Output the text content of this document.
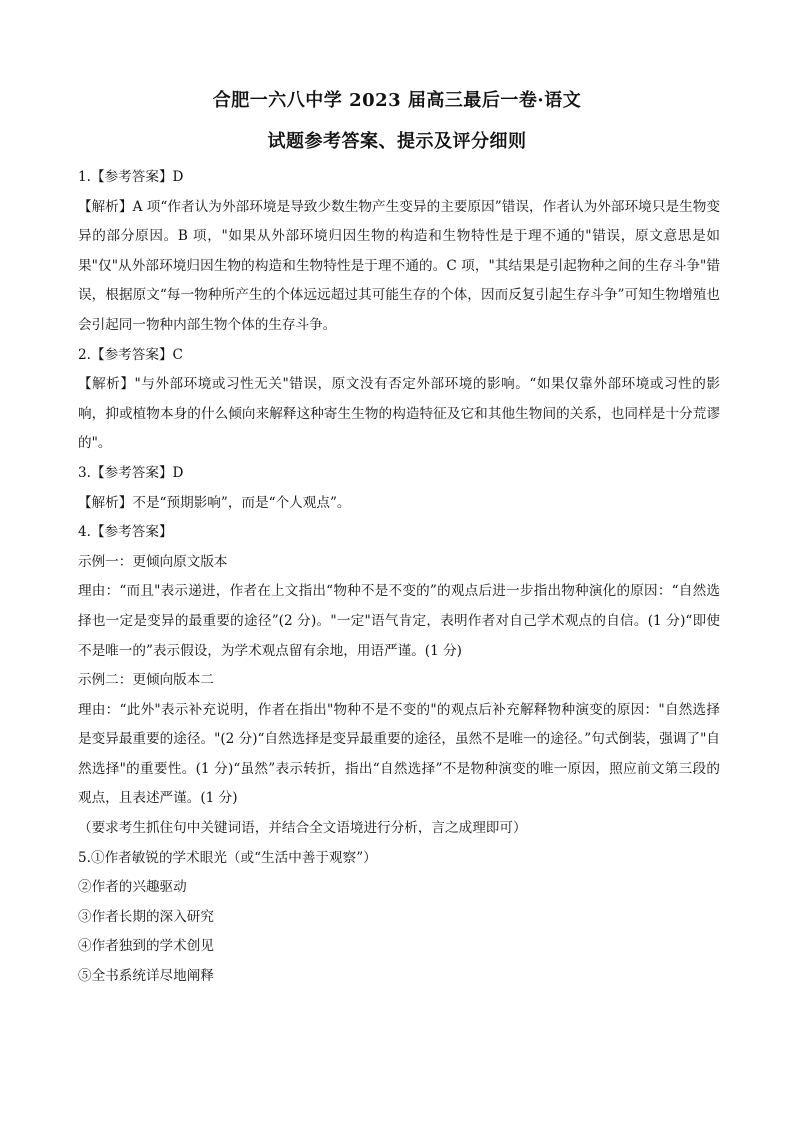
合肥一六八中学 2023 届高三最后一卷·语文
试题参考答案、提示及评分细则

1.【参考答案】D

【解析】A 项“作者认为外部环境是导致少数生物产生变异的主要原因”错误，作者认为外部环境只是生物变异的部分原因。B 项，"如果从外部环境归因生物的构造和生物特性是于理不通的"错误，原文意思是如果"仅"从外部环境归因生物的构造和生物特性是于理不通的。C 项，"其结果是引起物种之间的生存斗争"错误，根据原文“每一物种所产生的个体远远超过其可能生存的个体，因而反复引起生存斗争”可知生物增殖也会引起同一物种内部生物个体的生存斗争。

2.【参考答案】C

【解析】"与外部环境或习性无关"错误，原文没有否定外部环境的影响。“如果仅靠外部环境或习性的影响，抑或植物本身的什么倾向来解释这种寄生生物的构造特征及它和其他生物间的关系，也同样是十分荒谬的"。

3.【参考答案】D

【解析】不是“预期影响”，而是“个人观点”。

4.【参考答案】

示例一：更倾向原文版本

理由：“而且"表示递进，作者在上文指出“物种不是不变的”的观点后进一步指出物种演化的原因：“自然选择也一定是变异的最重要的途径”(2 分)。"一定"语气肯定，表明作者对自己学术观点的自信。(1 分)“即使不是唯一的”表示假设，为学术观点留有余地，用语严谨。(1 分)

示例二：更倾向版本二

理由：“此外"表示补充说明，作者在指出"物种不是不变的"的观点后补充解释物种演变的原因："自然选择是变异最重要的途径。"(2 分)“自然选择是变异最重要的途径，虽然不是唯一的途径。”句式倒装，强调了"自然选择"的重要性。(1 分)“虽然”表示转折，指出“自然选择”不是物种演变的唯一原因，照应前文第三段的观点，且表述严谨。(1 分)

（要求考生抓住句中关键词语，并结合全文语境进行分析，言之成理即可）

5.①作者敏锐的学术眼光（或“生活中善于观察”）

②作者的兴趣驱动

③作者长期的深入研究

④作者独到的学术创见

⑤全书系统详尽地阐释
